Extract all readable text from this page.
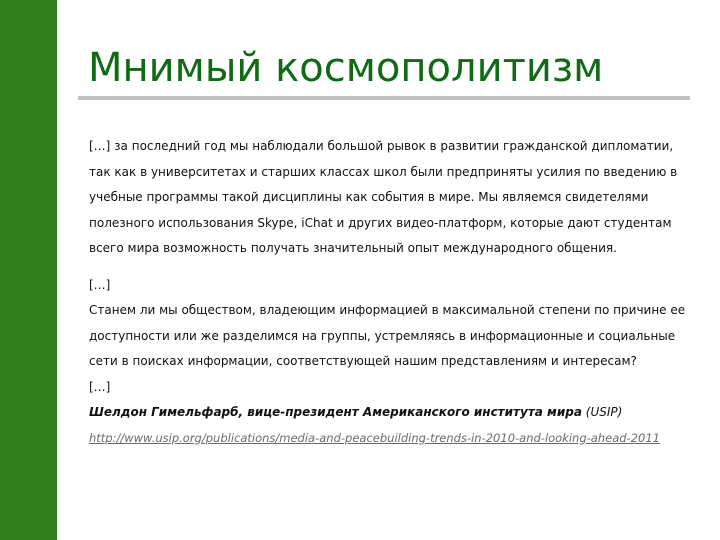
Мнимый космополитизм

[…] за последний год мы наблюдали большой рывок в развитии гражданской дипломатии, так как в университетах и старших классах школ были предприняты усилия по введению в учебные программы такой дисциплины как события в мире. Мы являемся свидетелями полезного использования Skype, iChat и других видео-платформ, которые дают студентам всего мира возможность получать значительный опыт международного общения.

[…]

Станем ли мы обществом, владеющим информацией в максимальной степени по причине ее доступности или же разделимся на группы, устремляясь в информационные и социальные сети в поисках информации, соответствующей нашим представлениям и интересам?

[…]

Шелдон Гимельфарб, вице-президент Американского института мира (USIP)

http://www.usip.org/publications/media-and-peacebuilding-trends-in-2010-and-looking-ahead-2011
